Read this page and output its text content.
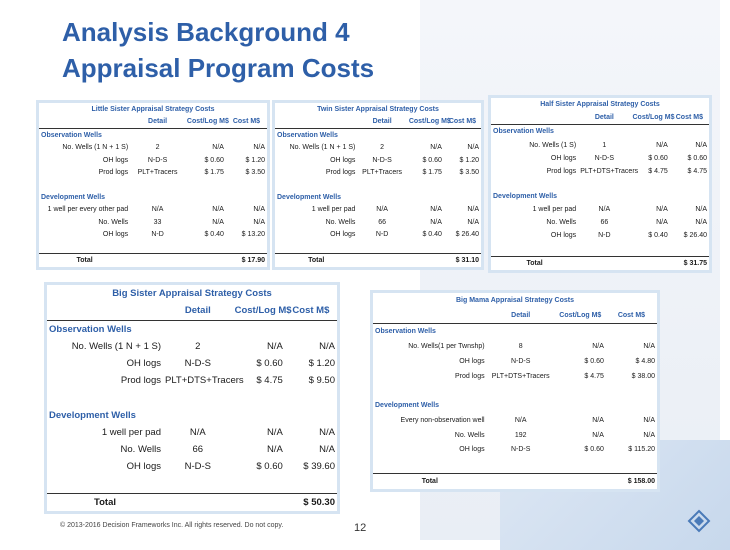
Analysis Background 4
Appraisal Program Costs
Little Sister Appraisal Strategy Costs			
	Detail	Cost/Log M$	Cost M$
Observation Wells			
No. Wells (1 N + 1 S)	2	N/A	N/A
OH logs	N-D-S	$ 0.60	$ 1.20
Prod logs	PLT+Tracers	$ 1.75	$ 3.50

Development Wells			
1 well per every other pad	N/A	N/A	N/A
No. Wells	33	N/A	N/A
OH logs	N-D	$ 0.40	$ 13.20

Total		$ 17.90	
Twin Sister Appraisal Strategy Costs			
	Detail	Cost/Log M$	Cost M$
Observation Wells			
No. Wells (1 N + 1 S)	2	N/A	N/A
OH logs	N-D-S	$ 0.60	$ 1.20
Prod logs	PLT+Tracers	$ 1.75	$ 3.50

Development Wells			
1 well per pad	N/A	N/A	N/A
No. Wells	66	N/A	N/A
OH logs	N-D	$ 0.40	$ 26.40

Total		$ 31.10	
Half Sister Appraisal Strategy Costs			
	Detail	Cost/Log M$	Cost M$
Observation Wells			
No. Wells (1 S)	1	N/A	N/A
OH logs	N-D-S	$ 0.60	$ 0.60
Prod logs	PLT+DTS+Tracers	$ 4.75	$ 4.75

Development Wells			
1 well per pad	N/A	N/A	N/A
No. Wells	66	N/A	N/A
OH logs	N-D	$ 0.40	$ 26.40

Total		$ 31.75	
Big Sister Appraisal Strategy Costs			
	Detail	Cost/Log M$	Cost M$
Observation Wells			
No. Wells (1 N + 1 S)	2	N/A	N/A
OH logs	N-D-S	$ 0.60	$ 1.20
Prod logs	PLT+DTS+Tracers	$ 4.75	$ 9.50

Development Wells			
1 well per pad	N/A	N/A	N/A
No. Wells	66	N/A	N/A
OH logs	N-D-S	$ 0.60	$ 39.60

Total		$ 50.30	
Big Mama Appraisal Strategy Costs			
	Detail	Cost/Log M$	Cost M$
Observation Wells			
No. Wells(1 per Twnshp)	8	N/A	N/A
OH logs	N-D-S	$ 0.60	$ 4.80
Prod logs	PLT+DTS+Tracers	$ 4.75	$ 38.00

Development Wells			
Every non-observation well	N/A	N/A	N/A
No. Wells	192	N/A	N/A
OH logs	N-D-S	$ 0.60	$ 115.20

Total		$ 158.00	
© 2013-2016 Decision Frameworks Inc. All rights reserved. Do not copy.	12
